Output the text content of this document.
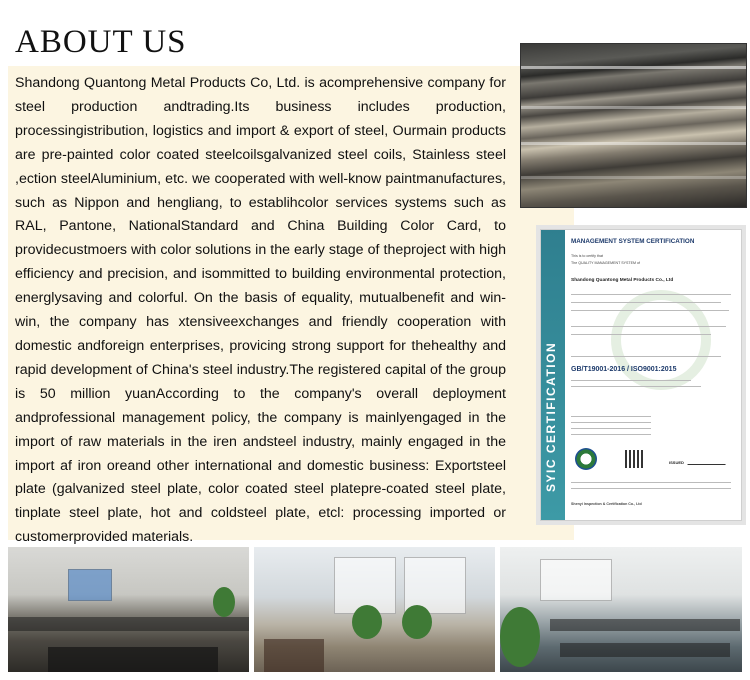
ABOUT US

Shandong Quantong Metal Products Co, Ltd. is acomprehensive company for steel production andtrading.Its business includes production, processingistribution, logistics and import & export of steel, Ourmain products are pre-painted color coated steelcoilsgalvanized steel coils, Stainless steel ,ection steelAluminium, etc. we cooperated with well-know paintmanufactures, such as Nippon and hengliang, to establihcolor services systems such as RAL, Pantone, NationalStandard and China Building Color Card, to providecustmoers with color solutions in the early stage of theproject with high efficiency and precision, and isommitted to building environmental protection, energlysaving and colorful. On the basis of equality, mutualbenefit and win-win, the company has xtensiveexchanges and friendly cooperation with domestic andforeign enterprises, provicing strong support for thehealthy and rapid development of China's steel industry.The registered capital of the group is 50 million yuanAccording to the company's overall deployment andprofessional management policy, the company is mainlyengaged in the import of raw materials in the iren andsteel industry, mainly engaged in the import af iron oreand other international and domestic business: Exportsteel plate (galvanized steel plate, color coated steel platepre-coated steel plate, tinplate steel plate, hot and coldsteel plate, etcl: processing imported or customerprovided materials.

SYIC CERTIFICATION
MANAGEMENT SYSTEM CERTIFICATION
This is to certify that
The QUALITY MANAGEMENT SYSTEM of
Shandong Quantong Metal Products Co., Ltd
GB/T19001-2016 / ISO9001:2015
ISSUED
Shenyi Inspection & Certification Co., Ltd
